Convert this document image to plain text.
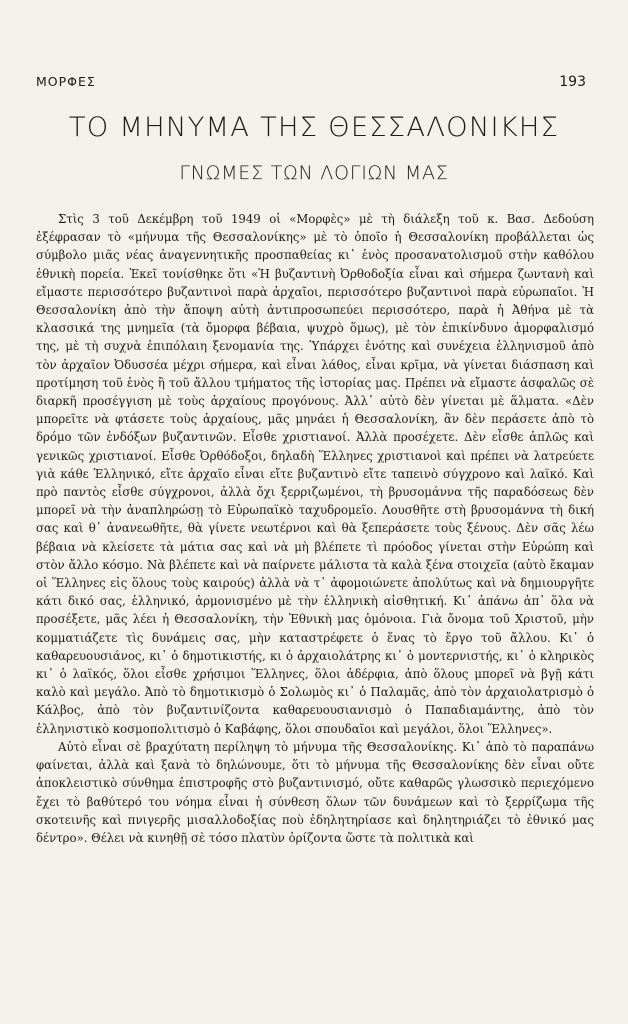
ΜΟΡΦΕΣ	193
ΤΟ ΜΗΝΥΜΑ ΤΗΣ ΘΕΣΣΑΛΟΝΙΚΗΣ
ΓΝΩΜΕΣ ΤΩΝ ΛΟΓΙΩΝ ΜΑΣ

Στὶς 3 τοῦ Δεκέμβρη τοῦ 1949 οἱ «Μορφὲς» μὲ τὴ διάλεξη τοῦ κ. Βασ. Δεδούση ἐξέφρασαν τὸ «μήνυμα τῆς Θεσσαλονίκης» μὲ τὸ ὁποῖο ἡ Θεσσαλονίκη προβάλλεται ὡς σύμβολο μιᾶς νέας ἀναγεννητικῆς προσπαθείας κι᾿ ἑνὸς προσανατολισμοῦ στὴν καθόλου ἐθνικὴ πορεία. Ἐκεῖ τονίσθηκε ὅτι «Ἡ βυζαντινὴ Ὀρθοδοξία εἶναι καὶ σήμερα ζωντανὴ καὶ εἴμαστε περισσότερο βυζαντινοὶ παρὰ ἀρχαῖοι, περισσότερο βυζαντινοὶ παρὰ εὐρωπαῖοι. Ἡ Θεσσαλονίκη ἀπὸ τὴν ἄποψη αὐτὴ ἀντιπροσωπεύει περισσότερο, παρὰ ἡ Ἀθήνα μὲ τὰ κλασσικά της μνημεῖα (τὰ ὄμορφα βέβαια, ψυχρὸ ὅμως), μὲ τὸν ἐπικίνδυνο ἀμορφαλισμό της, μὲ τὴ συχνὰ ἐπιπόλαιη ξενομανία της. Ὑπάρχει ἑνότης καὶ συνέχεια ἑλληνισμοῦ ἀπὸ τὸν ἀρχαῖον Ὀδυσσέα μέχρι σήμερα, καὶ εἶναι λάθος, εἶναι κρῖμα, νὰ γίνεται διάσπαση καὶ προτίμηση τοῦ ἑνὸς ἢ τοῦ ἄλλου τμήματος τῆς ἱστορίας μας. Πρέπει νὰ εἴμαστε ἀσφαλῶς σὲ διαρκῆ προσέγγιση μὲ τοὺς ἀρχαίους προγόνους. Ἀλλ᾿ αὐτὸ δὲν γίνεται μὲ ἅλματα. «Δὲν μπορεῖτε νὰ φτάσετε τοὺς ἀρχαίους, μᾶς μηνάει ἡ Θεσσαλονίκη, ἂν δὲν περάσετε ἀπὸ τὸ δρόμο τῶν ἐνδόξων βυζαντινῶν. Εἶσθε χριστιανοί. Ἀλλὰ προσέχετε. Δὲν εἶσθε ἁπλῶς καὶ γενικῶς χριστιανοί. Εἶσθε Ὀρθόδοξοι, δηλαδὴ Ἕλληνες χριστιανοὶ καὶ πρέπει νὰ λατρεύετε γιὰ κάθε Ἑλληνικό, εἴτε ἀρχαῖο εἶναι εἴτε βυζαντινὸ εἴτε ταπεινὸ σύγχρονο καὶ λαϊκό. Καὶ πρὸ παντὸς εἶσθε σύγχρονοι, ἀλλὰ ὄχι ξερριζωμένοι, τὴ βρυσομάννα τῆς παραδόσεως δὲν μπορεῖ νὰ τὴν ἀναπληρώσῃ τὸ Εὐρωπαϊκὸ ταχυδρομεῖο. Λουσθῆτε στὴ βρυσομάννα τὴ δική σας καὶ θ᾿ ἀνανεωθῆτε, θὰ γίνετε νεωτέρνοι καὶ θὰ ξεπεράσετε τοὺς ξένους. Δὲν σᾶς λέω βέβαια νὰ κλείσετε τὰ μάτια σας καὶ νὰ μὴ βλέπετε τὶ πρόοδος γίνεται στὴν Εὐρώπη καὶ στὸν ἄλλο κόσμο. Νὰ βλέπετε καὶ νὰ παίρνετε μάλιστα τὰ καλὰ ξένα στοιχεῖα (αὐτὸ ἔκαμαν οἱ Ἕλληνες εἰς ὅλους τοὺς καιρούς) ἀλλὰ νὰ τ᾿ ἀφομοιώνετε ἀπολύτως καὶ νὰ δημιουργῆτε κάτι δικό σας, ἑλληνικό, ἁρμονισμένο μὲ τὴν ἑλληνικὴ αἰσθητική. Κι᾿ ἀπάνω ἀπ᾿ ὅλα νὰ προσέξετε, μᾶς λέει ἡ Θεσσαλονίκη, τὴν Ἐθνικὴ μας ὁμόνοια. Γιὰ ὄνομα τοῦ Χριστοῦ, μὴν κομματιάζετε τὶς δυνάμεις σας, μὴν καταστρέφετε ὁ ἕνας τὸ ἔργο τοῦ ἄλλου. Κι᾿ ὁ καθαρευουσιάνος, κι᾿ ὁ δημοτικιστής, κι ὁ ἀρχαιολάτρης κι᾿ ὁ μοντερνιστής, κι᾿ ὁ κληρικὸς κι᾿ ὁ λαϊκός, ὅλοι εἶσθε χρήσιμοι Ἕλληνες, ὅλοι ἀδέρφια, ἀπὸ ὅλους μπορεῖ νὰ βγῇ κάτι καλὸ καὶ μεγάλο. Ἀπὸ τὸ δημοτικισμὸ ὁ Σολωμὸς κι᾿ ὁ Παλαμᾶς, ἀπὸ τὸν ἀρχαιολατρισμὸ ὁ Κάλβος, ἀπὸ τὸν βυζαντινίζοντα καθαρευουσιανισμὸ ὁ Παπαδιαμάντης, ἀπὸ τὸν ἑλληνιστικὸ κοσμοπολιτισμὸ ὁ Καβάφης, ὅλοι σπουδαῖοι καὶ μεγάλοι, ὅλοι Ἕλληνες».

Αὐτὸ εἶναι σὲ βραχύτατη περίληψη τὸ μήνυμα τῆς Θεσσαλονίκης. Κι᾿ ἀπὸ τὸ παραπάνω φαίνεται, ἀλλὰ καὶ ξανὰ τὸ δηλώνουμε, ὅτι τὸ μήνυμα τῆς Θεσσαλονίκης δὲν εἶναι οὔτε ἀποκλειστικὸ σύνθημα ἐπιστροφῆς στὸ βυζαντινισμό, οὔτε καθαρῶς γλωσσικὸ περιεχόμενο ἔχει τὸ βαθύτερό του νόημα εἶναι ἡ σύνθεση ὅλων τῶν δυνάμεων καὶ τὸ ξερρίζωμα τῆς σκοτεινῆς καὶ πνιγερῆς μισαλλοδοξίας ποὺ ἐδηλητηρίασε καὶ δηλητηριάζει τὸ ἐθνικό μας δέντρο». Θέλει νὰ κινηθῇ σὲ τόσο πλατὺν ὁρίζοντα ὥστε τὰ πολιτικὰ καὶ
